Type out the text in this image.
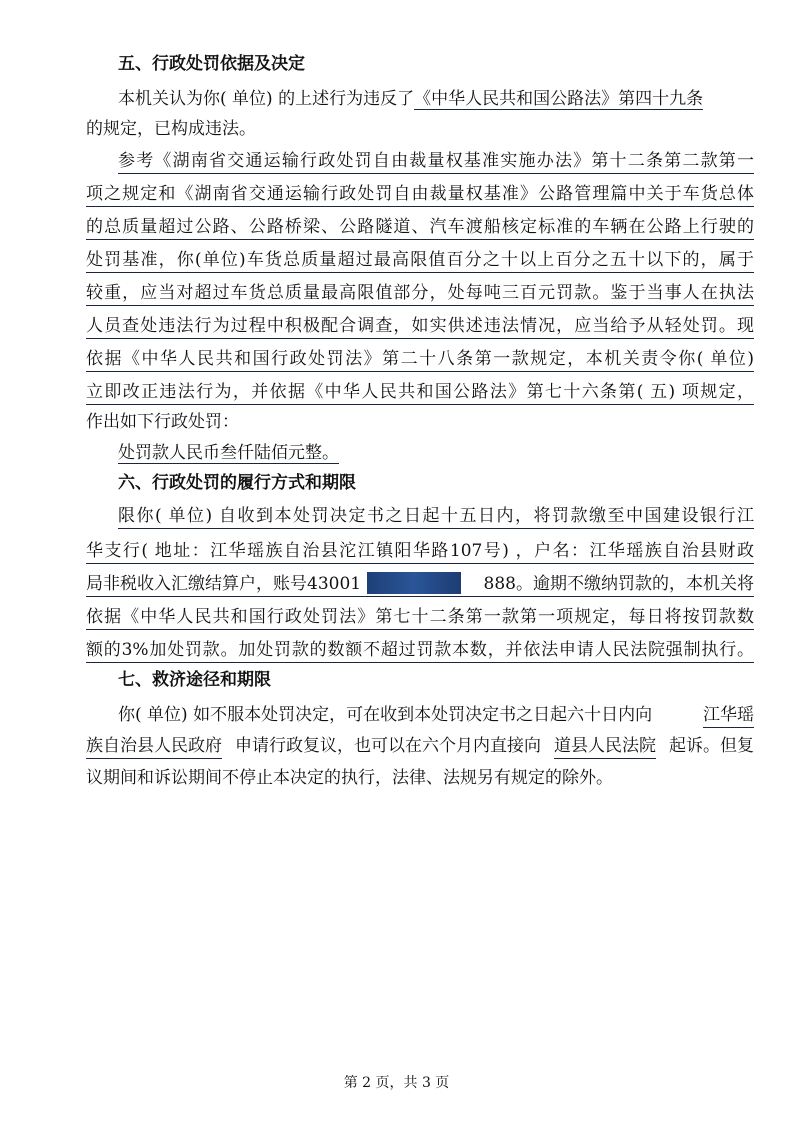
五、行政处罚依据及决定
本机关认为你( 单位) 的上述行为违反了《中华人民共和国公路法》第四十九条
的规定，已构成违法。
参考《湖南省交通运输行政处罚自由裁量权基准实施办法》第十二条第二款第一
项之规定和《湖南省交通运输行政处罚自由裁量权基准》公路管理篇中关于车货总体
的总质量超过公路、公路桥梁、公路隧道、汽车渡船核定标准的车辆在公路上行驶的
处罚基准，你(单位)车货总质量超过最高限值百分之十以上百分之五十以下的，属于
较重，应当对超过车货总质量最高限值部分，处每吨三百元罚款。鉴于当事人在执法
人员查处违法行为过程中积极配合调查，如实供述违法情况，应当给予从轻处罚。现
依据《中华人民共和国行政处罚法》第二十八条第一款规定，本机关责令你( 单位)
立即改正违法行为，并依据《中华人民共和国公路法》第七十六条第( 五) 项规定，
作出如下行政处罚：
处罚款人民币叁仟陆佰元整。
六、行政处罚的履行方式和期限
限你( 单位) 自收到本处罚决定书之日起十五日内，将罚款缴至中国建设银行江
华支行( 地址：江华瑶族自治县沱江镇阳华路107号) ，户名：江华瑶族自治县财政
局非税收入汇缴结算户，账号43001	888。逾期不缴纳罚款的，本机关将
依据《中华人民共和国行政处罚法》第七十二条第一款第一项规定，每日将按罚款数
额的3%加处罚款。加处罚款的数额不超过罚款本数，并依法申请人民法院强制执行。
七、救济途径和期限
你( 单位) 如不服本处罚决定，可在收到本处罚决定书之日起六十日内向	江华瑶
族自治县人民政府 申请行政复议，也可以在六个月内直接向 道县人民法院 起诉。但复
议期间和诉讼期间不停止本决定的执行，法律、法规另有规定的除外。
第 2 页，共 3 页
